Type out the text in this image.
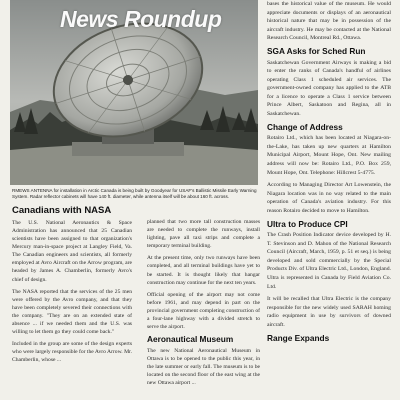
News Roundup
RMEWS ANTENNA for installation in Arctic Canada is being built by Goodyear for USAF's Ballistic Missile Early Warning System. Radar reflector cabinets will have 140 ft. diameter, while antenna itself will be about 160 ft. across.
Canadians with NASA

The U.S. National Aeronautics & Space Administration has announced that 25 Canadian scientists have been assigned to that organization's Mercury man-in-space project at Langley Field, Va. The Canadian engineers and scientists, all formerly employed at Avro Aircraft on the Arrow program, are headed by James A. Chamberlin, formerly Avro's chief of design.

The NASA reported that the services of the 25 men were offered by the Avro company, and that they have been completely severed their connections with the company. "They are on an extended state of absence ... if we needed them and the U.S. was willing to let them go they could come back."

Included in the group are some of the design experts who were largely responsible for the Avro Arrow. Mr. Chamberlin, whose ...

planned that two more tall construction masses are needed to complete the runways, install lighting, pave all taxi strips and complete a temporary terminal building.

At the present time, only two runways have been completed, and all terminal buildings have yet to be started. It is thought likely that hangar construction may continue for the next ten years.

Official opening of the airport may not come before 1961, and may depend in part on the provincial government completing construction of a four-lane highway with a divided stretch to serve the airport.

Aeronautical Museum

The new National Aeronautical Museum in Ottawa is to be opened to the public this year, in the late summer or early fall. The museum is to be located on the second floor of the east wing at the new Ottawa airport ...

bases the historical value of the museum. He would appreciate documents or displays of an aeronautical historical nature that may be in possession of the aircraft industry. He may be contacted at the National Research Council, Montreal Rd., Ottawa.

SGA Asks for Sched Run

Saskatchewan Government Airways is making a bid to enter the ranks of Canada's handful of airlines operating Class 1 scheduled air services. The government-owned company has applied to the ATB for a licence to operate a Class 1 service between Prince Albert, Saskatoon and Regina, all in Saskatchewan.

Change of Address

Rotairo Ltd., which has been located at Niagara-on-the-Lake, has taken up new quarters at Hamilton Municipal Airport, Mount Hope, Ont. New mailing address will now be: Rotairo Ltd., P.O. Box 259, Mount Hope, Ont. Telephone: Hillcrest 5-4775.

According to Managing Director Art Lowenstein, the Niagara location was in no way related to the main operation of Canada's aviation industry. For this reason Rotairo decided to move to Hamilton.

Ultra to Produce CPI

The Crash Position Indicator device developed by H. T. Stevinson and D. Mahon of the National Research Council (Aircraft, March, 1959, p. 51 et seq.) is being developed and sold commercially by the Special Products Div. of Ultra Electric Ltd., London, England. Ultra is represented in Canada by Field Aviation Co. Ltd.

It will be recalled that Ultra Electric is the company responsible for the new widely used SARAH homing radio equipment in use by survivors of downed aircraft.

Range Expands
